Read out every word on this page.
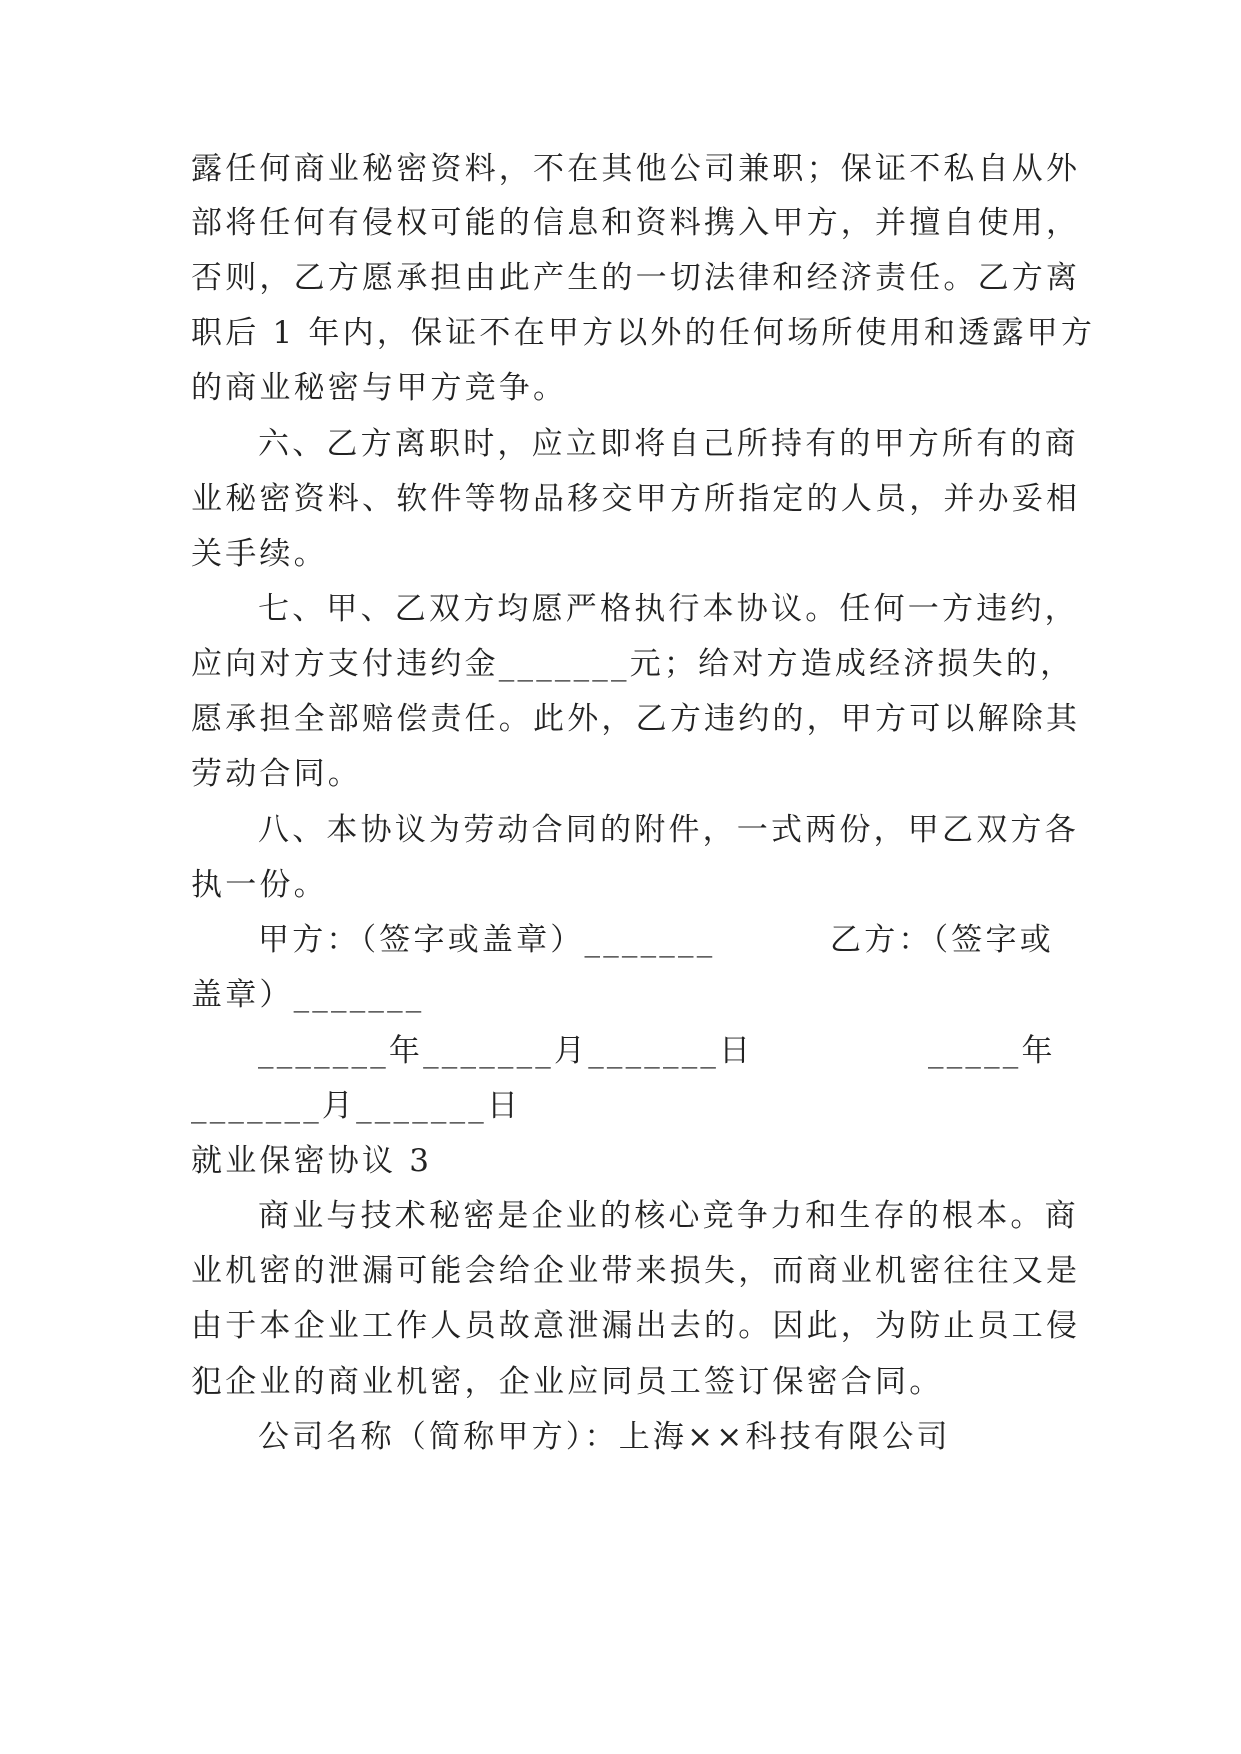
露任何商业秘密资料，不在其他公司兼职；保证不私自从外
部将任何有侵权可能的信息和资料携入甲方，并擅自使用，
否则，乙方愿承担由此产生的一切法律和经济责任。乙方离
职后 1 年内，保证不在甲方以外的任何场所使用和透露甲方
的商业秘密与甲方竞争。
六、乙方离职时，应立即将自己所持有的甲方所有的商
业秘密资料、软件等物品移交甲方所指定的人员，并办妥相
关手续。
七、甲、乙双方均愿严格执行本协议。任何一方违约，
应向对方支付违约金_______元；给对方造成经济损失的，
愿承担全部赔偿责任。此外，乙方违约的，甲方可以解除其
劳动合同。
八、本协议为劳动合同的附件，一式两份，甲乙双方各
执一份。
甲方：（签字或盖章）_______	乙方：（签字或
盖章）_______
_______年_______月_______日	_____年
_______月_______日
就业保密协议 3
商业与技术秘密是企业的核心竞争力和生存的根本。商
业机密的泄漏可能会给企业带来损失，而商业机密往往又是
由于本企业工作人员故意泄漏出去的。因此，为防止员工侵
犯企业的商业机密，企业应同员工签订保密合同。
公司名称（简称甲方）：上海××科技有限公司
